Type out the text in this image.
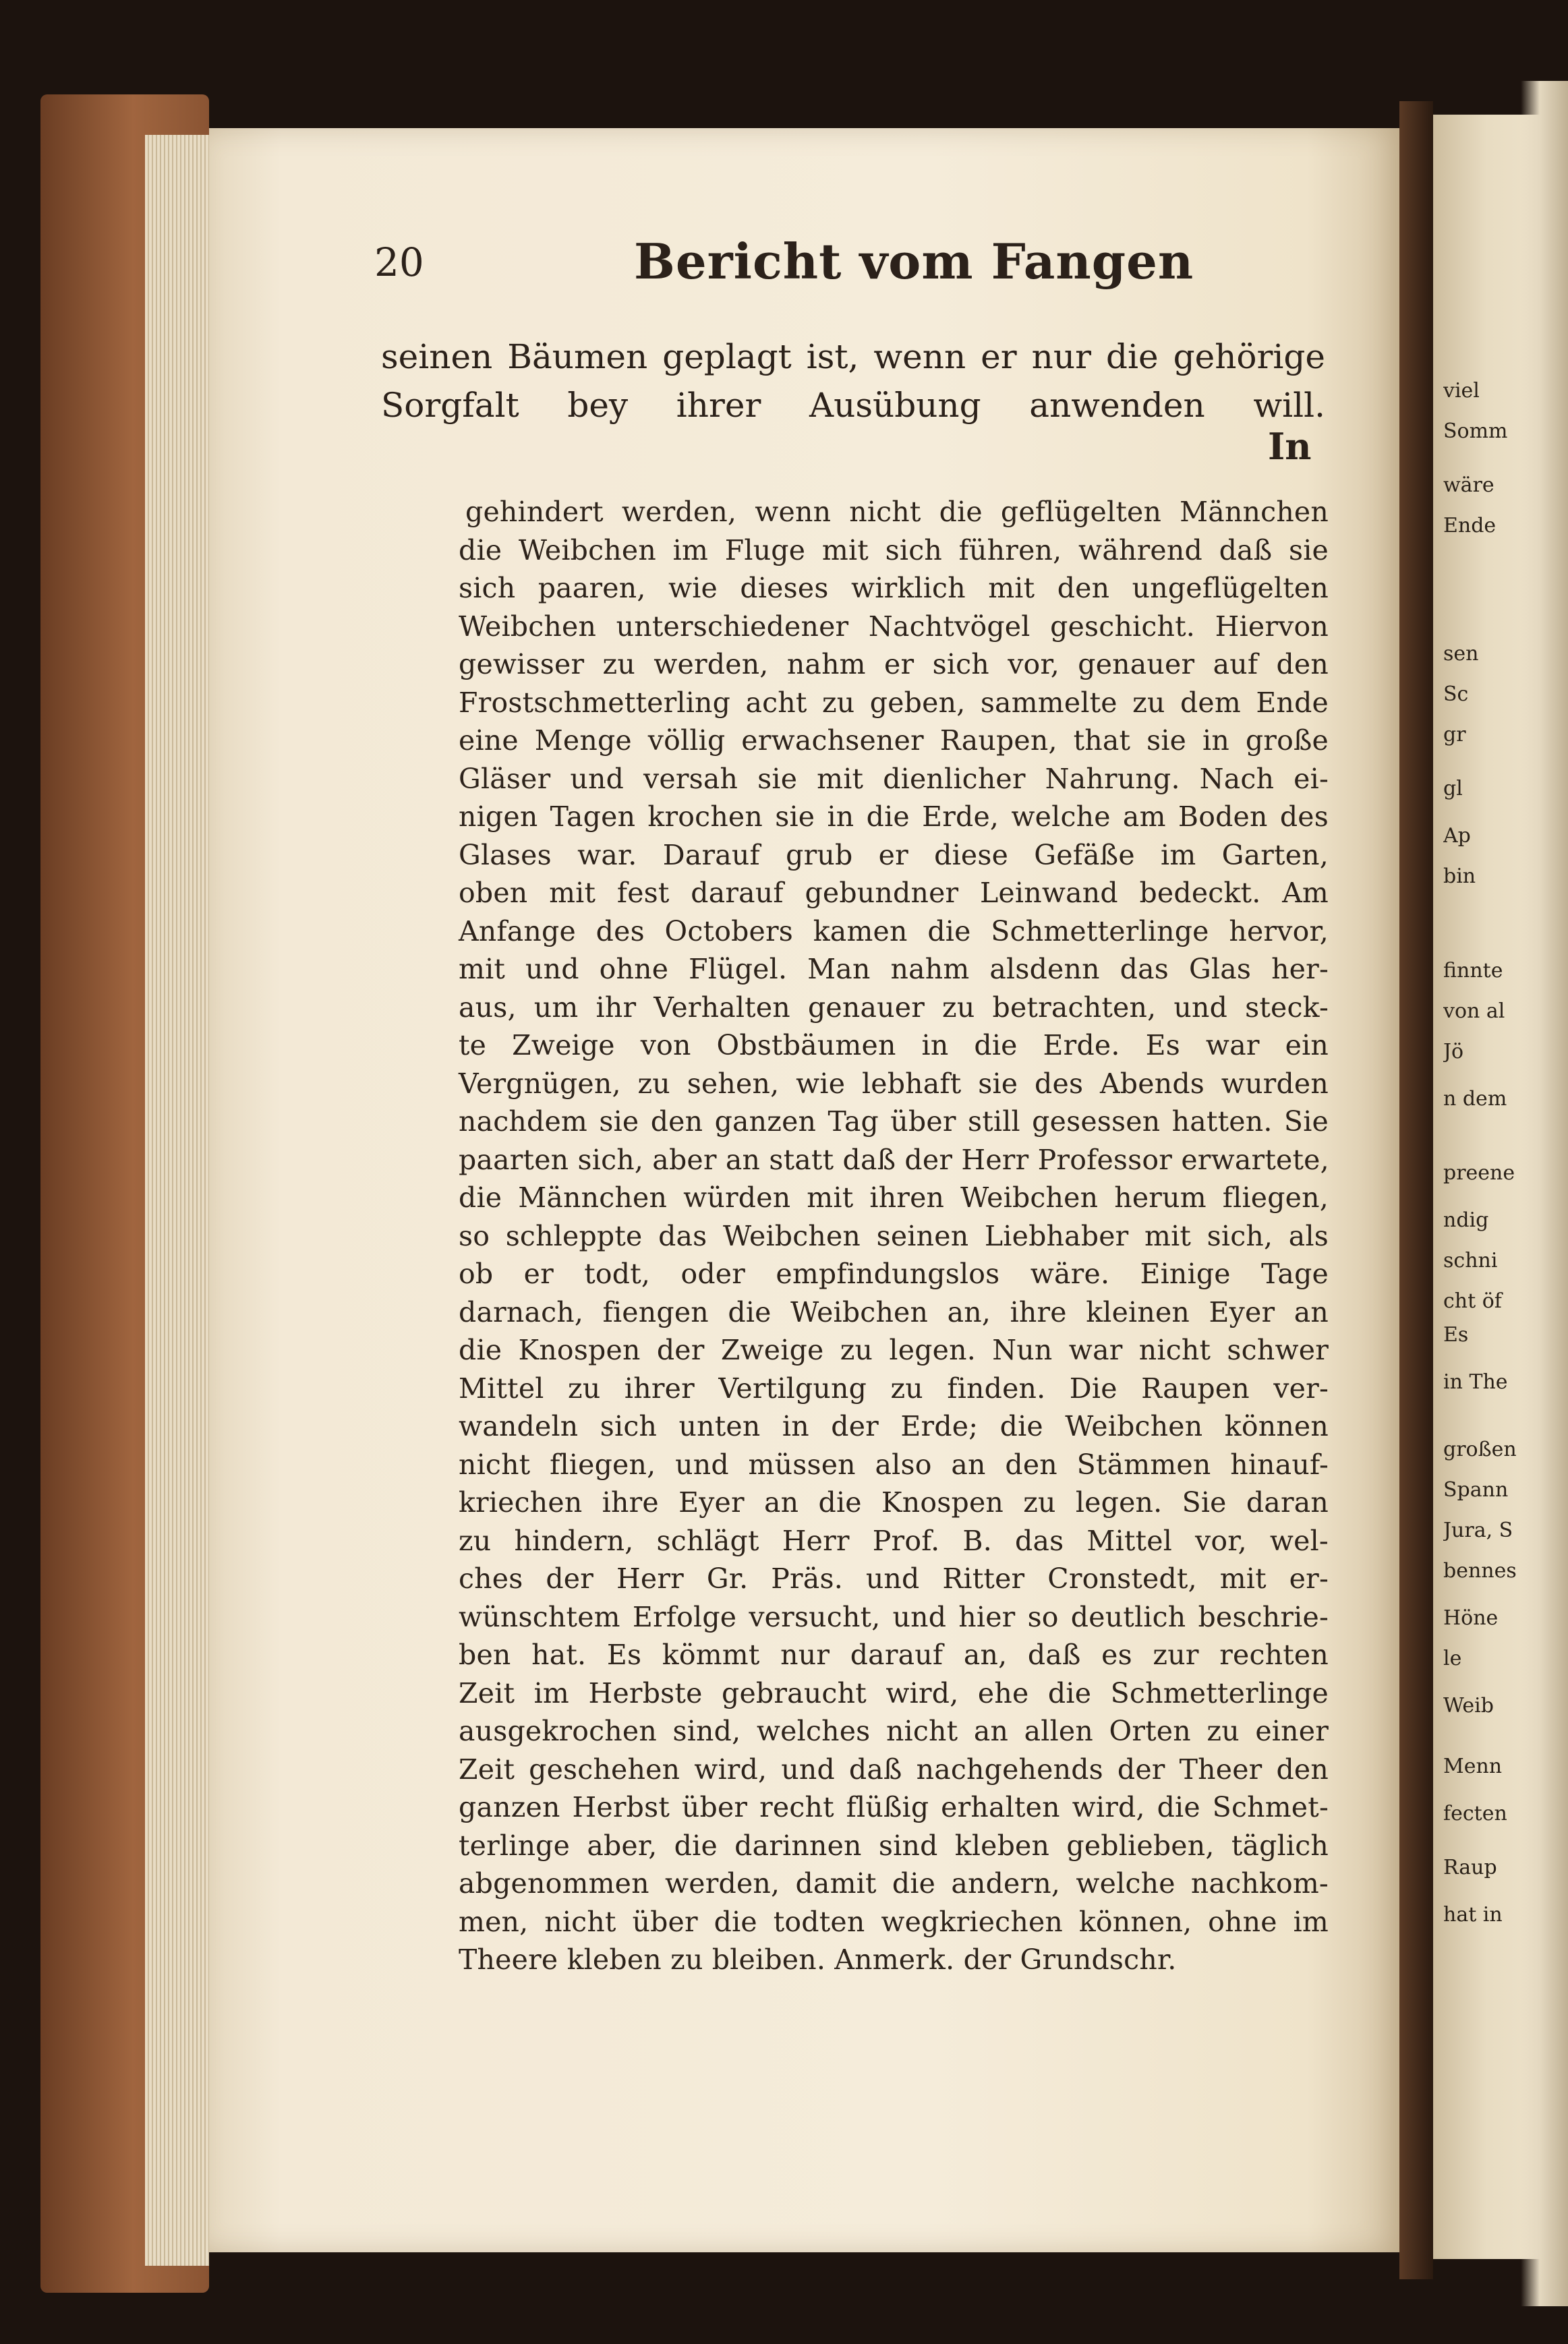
20	Bericht vom Fangen
seinen Bäumen geplagt ist, wenn er nur die gehörige
Sorgfalt bey ihrer Ausübung anwenden will.
In
gehindert werden, wenn nicht die geflügelten Männchen
die Weibchen im Fluge mit sich führen, während daß sie
sich paaren, wie dieses wirklich mit den ungeflügelten
Weibchen unterschiedener Nachtvögel geschicht. Hiervon
gewisser zu werden, nahm er sich vor, genauer auf den
Frostschmetterling acht zu geben, sammelte zu dem Ende
eine Menge völlig erwachsener Raupen, that sie in große
Gläser und versah sie mit dienlicher Nahrung. Nach ei-
nigen Tagen krochen sie in die Erde, welche am Boden des
Glases war. Darauf grub er diese Gefäße im Garten,
oben mit fest darauf gebundner Leinwand bedeckt. Am
Anfange des Octobers kamen die Schmetterlinge hervor,
mit und ohne Flügel. Man nahm alsdenn das Glas her-
aus, um ihr Verhalten genauer zu betrachten, und steck-
te Zweige von Obstbäumen in die Erde. Es war ein
Vergnügen, zu sehen, wie lebhaft sie des Abends wurden
nachdem sie den ganzen Tag über still gesessen hatten. Sie
paarten sich, aber an statt daß der Herr Professor erwartete,
die Männchen würden mit ihren Weibchen herum fliegen,
so schleppte das Weibchen seinen Liebhaber mit sich, als
ob er todt, oder empfindungslos wäre. Einige Tage
darnach, fiengen die Weibchen an, ihre kleinen Eyer an
die Knospen der Zweige zu legen. Nun war nicht schwer
Mittel zu ihrer Vertilgung zu finden. Die Raupen ver-
wandeln sich unten in der Erde; die Weibchen können
nicht fliegen, und müssen also an den Stämmen hinauf-
kriechen ihre Eyer an die Knospen zu legen. Sie daran
zu hindern, schlägt Herr Prof. B. das Mittel vor, wel-
ches der Herr Gr. Präs. und Ritter Cronstedt, mit er-
wünschtem Erfolge versucht, und hier so deutlich beschrie-
ben hat. Es kömmt nur darauf an, daß es zur rechten
Zeit im Herbste gebraucht wird, ehe die Schmetterlinge
ausgekrochen sind, welches nicht an allen Orten zu einer
Zeit geschehen wird, und daß nachgehends der Theer den
ganzen Herbst über recht flüßig erhalten wird, die Schmet-
terlinge aber, die darinnen sind kleben geblieben, täglich
abgenommen werden, damit die andern, welche nachkom-
men, nicht über die todten wegkriechen können, ohne im
Theere kleben zu bleiben. Anmerk. der Grundschr.
viel
Somm
wäre
Ende
sen
Sc
gr
gl
Ap
bin
finnte
von al
Jö
n dem
preene
ndig
schni
cht öf
Es
in The
großen
Spann
Jura, S
bennes
Höne
le
Weib
Menn
fecten
Raup
hat in
